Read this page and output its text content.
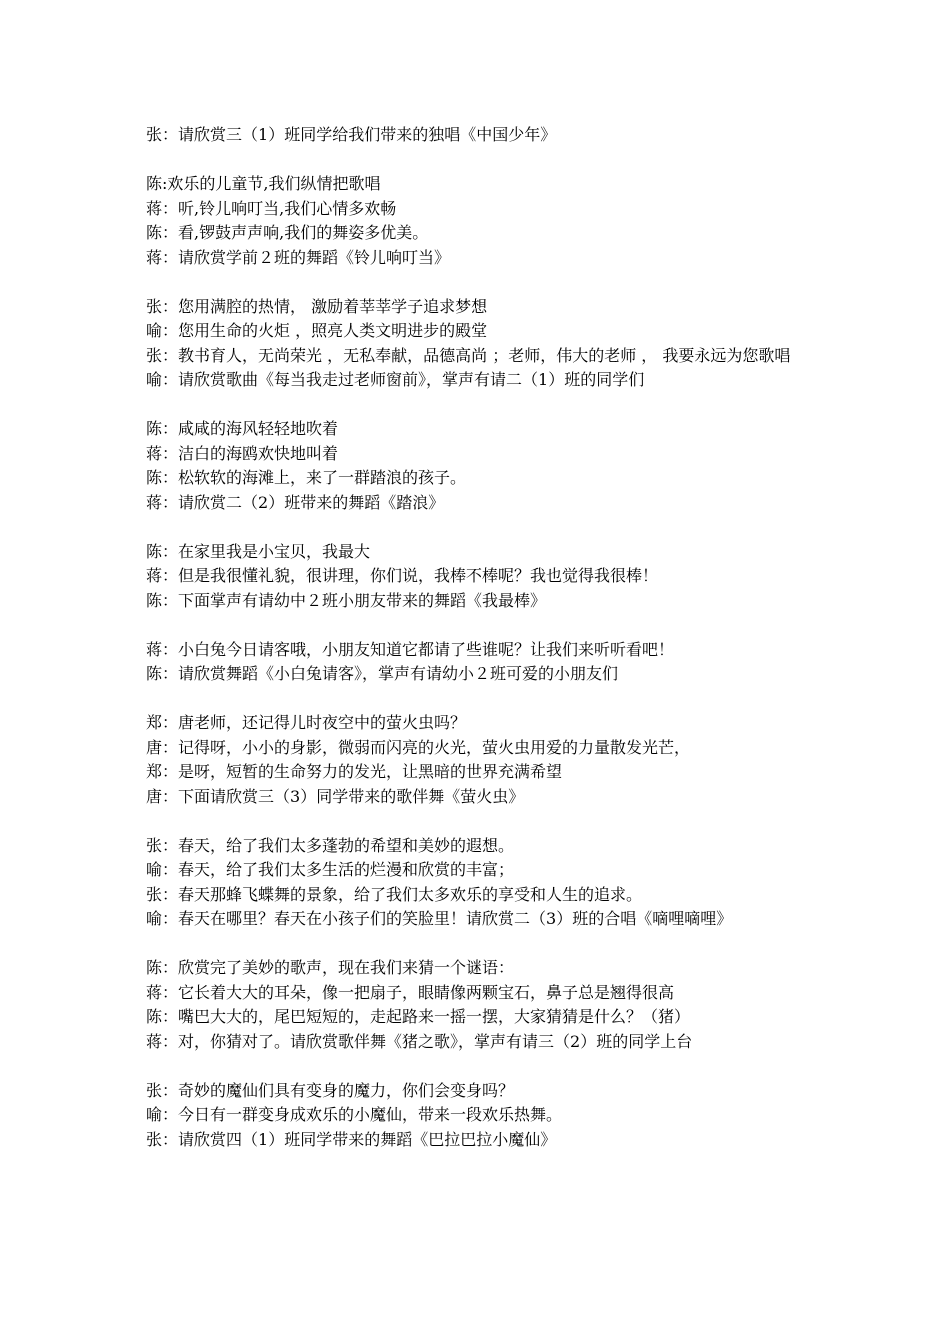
张： 请欣赏三（1）班同学给我们带来的独唱《中国少年》
陈: 欢乐的儿童节,我们纵情把歌唱
蒋： 听,铃儿响叮当,我们心情多欢畅
陈： 看,锣鼓声声响,我们的舞姿多优美。
蒋： 请欣赏学前２班的舞蹈《铃儿响叮当》
张： 您用满腔的热情， 激励着莘莘学子追求梦想
喻： 您用生命的火炬 ，照亮人类文明进步的殿堂
张： 教书育人，无尚荣光 ，无私奉献，品德高尚 ；老师，伟大的老师 ， 我要永远为您歌唱
喻： 请欣赏歌曲《每当我走过老师窗前》，掌声有请二（1）班的同学们
陈： 咸咸的海风轻轻地吹着
蒋： 洁白的海鸥欢快地叫着
陈： 松软软的海滩上，来了一群踏浪的孩子。
蒋： 请欣赏二（2）班带来的舞蹈《踏浪》
陈： 在家里我是小宝贝，我最大
蒋： 但是我很懂礼貌，很讲理，你们说，我棒不棒呢？我也觉得我很棒！
陈： 下面掌声有请幼中２班小朋友带来的舞蹈《我最棒》
蒋： 小白兔今日请客哦，小朋友知道它都请了些谁呢？让我们来听听看吧！
陈： 请欣赏舞蹈《小白兔请客》，掌声有请幼小２班可爱的小朋友们
郑： 唐老师，还记得儿时夜空中的萤火虫吗？
唐： 记得呀，小小的身影，微弱而闪亮的火光，萤火虫用爱的力量散发光芒，
郑： 是呀，短暂的生命努力的发光，让黑暗的世界充满希望
唐： 下面请欣赏三（3）同学带来的歌伴舞《萤火虫》
张： 春天，给了我们太多蓬勃的希望和美妙的遐想。
喻： 春天，给了我们太多生活的烂漫和欣赏的丰富；
张： 春天那蜂飞蝶舞的景象，给了我们太多欢乐的享受和人生的追求。
喻： 春天在哪里？春天在小孩子们的笑脸里！请欣赏二（3）班的合唱《嘀哩嘀哩》
陈： 欣赏完了美妙的歌声，现在我们来猜一个谜语：
蒋： 它长着大大的耳朵，像一把扇子，眼睛像两颗宝石，鼻子总是翘得很高
陈： 嘴巴大大的，尾巴短短的，走起路来一摇一摆，大家猜猜是什么？（猪）
蒋： 对，你猜对了。请欣赏歌伴舞《猪之歌》，掌声有请三（2）班的同学上台
张： 奇妙的魔仙们具有变身的魔力，你们会变身吗？
喻： 今日有一群变身成欢乐的小魔仙，带来一段欢乐热舞。
张： 请欣赏四（1）班同学带来的舞蹈《巴拉巴拉小魔仙》
